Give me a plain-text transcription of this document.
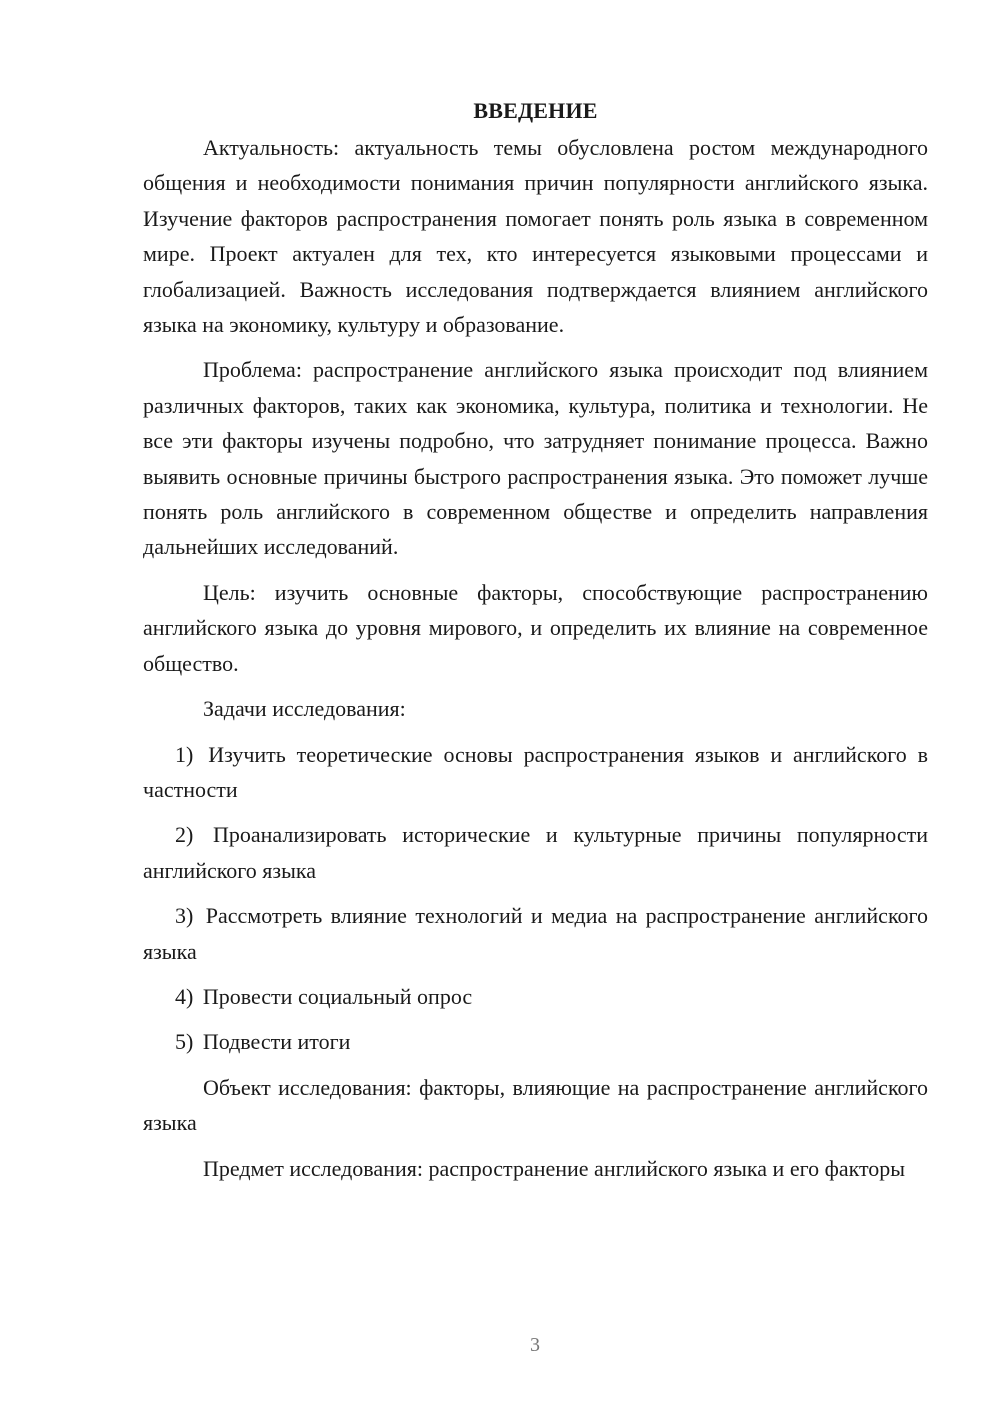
ВВЕДЕНИЕ

Актуальность: актуальность темы обусловлена ростом международного общения и необходимости понимания причин популярности английского языка. Изучение факторов распространения помогает понять роль языка в современном мире. Проект актуален для тех, кто интересуется языковыми процессами и глобализацией. Важность исследования подтверждается влиянием английского языка на экономику, культуру и образование.

Проблема: распространение английского языка происходит под влиянием различных факторов, таких как экономика, культура, политика и технологии. Не все эти факторы изучены подробно, что затрудняет понимание процесса. Важно выявить основные причины быстрого распространения языка. Это поможет лучше понять роль английского в современном обществе и определить направления дальнейших исследований.

Цель: изучить основные факторы, способствующие распространению английского языка до уровня мирового, и определить их влияние на современное общество.

Задачи исследования:

1) Изучить теоретические основы распространения языков и английского в частности

2) Проанализировать исторические и культурные причины популярности английского языка

3) Рассмотреть влияние технологий и медиа на распространение английского языка

4) Провести социальный опрос

5) Подвести итоги

Объект исследования: факторы, влияющие на распространение английского языка

Предмет исследования: распространение английского языка и его факторы

3
